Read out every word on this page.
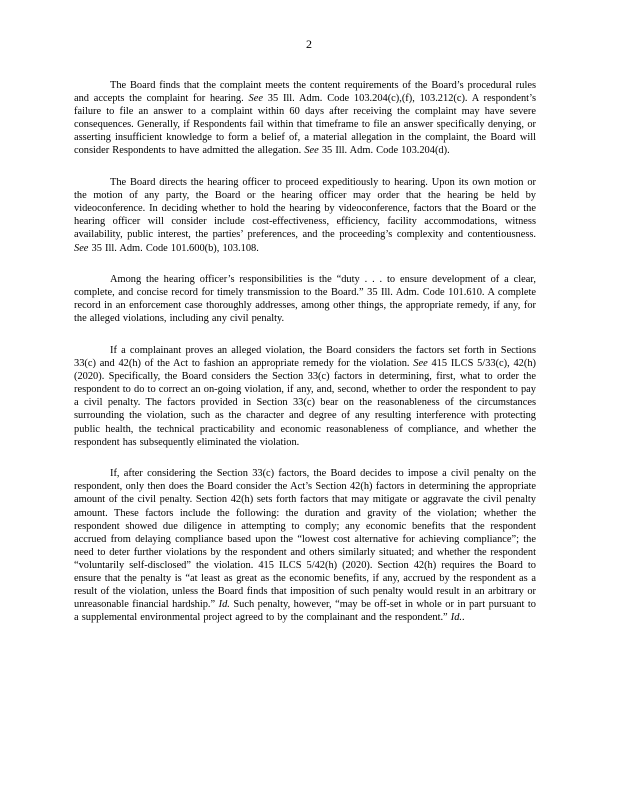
2

The Board finds that the complaint meets the content requirements of the Board’s procedural rules and accepts the complaint for hearing. See 35 Ill. Adm. Code 103.204(c),(f), 103.212(c). A respondent’s failure to file an answer to a complaint within 60 days after receiving the complaint may have severe consequences. Generally, if Respondents fail within that timeframe to file an answer specifically denying, or asserting insufficient knowledge to form a belief of, a material allegation in the complaint, the Board will consider Respondents to have admitted the allegation. See 35 Ill. Adm. Code 103.204(d).

The Board directs the hearing officer to proceed expeditiously to hearing. Upon its own motion or the motion of any party, the Board or the hearing officer may order that the hearing be held by videoconference. In deciding whether to hold the hearing by videoconference, factors that the Board or the hearing officer will consider include cost-effectiveness, efficiency, facility accommodations, witness availability, public interest, the parties’ preferences, and the proceeding’s complexity and contentiousness. See 35 Ill. Adm. Code 101.600(b), 103.108.

Among the hearing officer’s responsibilities is the “duty . . . to ensure development of a clear, complete, and concise record for timely transmission to the Board.” 35 Ill. Adm. Code 101.610. A complete record in an enforcement case thoroughly addresses, among other things, the appropriate remedy, if any, for the alleged violations, including any civil penalty.

If a complainant proves an alleged violation, the Board considers the factors set forth in Sections 33(c) and 42(h) of the Act to fashion an appropriate remedy for the violation. See 415 ILCS 5/33(c), 42(h) (2020). Specifically, the Board considers the Section 33(c) factors in determining, first, what to order the respondent to do to correct an on-going violation, if any, and, second, whether to order the respondent to pay a civil penalty. The factors provided in Section 33(c) bear on the reasonableness of the circumstances surrounding the violation, such as the character and degree of any resulting interference with protecting public health, the technical practicability and economic reasonableness of compliance, and whether the respondent has subsequently eliminated the violation.

If, after considering the Section 33(c) factors, the Board decides to impose a civil penalty on the respondent, only then does the Board consider the Act’s Section 42(h) factors in determining the appropriate amount of the civil penalty. Section 42(h) sets forth factors that may mitigate or aggravate the civil penalty amount. These factors include the following: the duration and gravity of the violation; whether the respondent showed due diligence in attempting to comply; any economic benefits that the respondent accrued from delaying compliance based upon the “lowest cost alternative for achieving compliance”; the need to deter further violations by the respondent and others similarly situated; and whether the respondent “voluntarily self-disclosed” the violation. 415 ILCS 5/42(h) (2020). Section 42(h) requires the Board to ensure that the penalty is “at least as great as the economic benefits, if any, accrued by the respondent as a result of the violation, unless the Board finds that imposition of such penalty would result in an arbitrary or unreasonable financial hardship.” Id. Such penalty, however, “may be off-set in whole or in part pursuant to a supplemental environmental project agreed to by the complainant and the respondent.” Id..
